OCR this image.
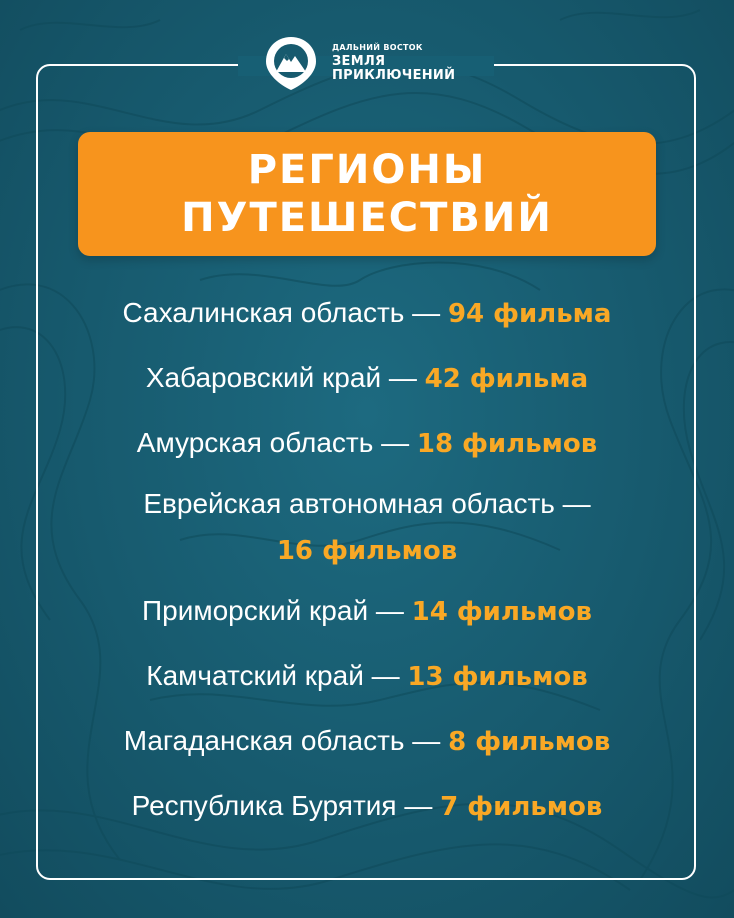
ДАЛЬНИЙ ВОСТОК
ЗЕМЛЯ
ПРИКЛЮЧЕНИЙ
РЕГИОНЫ
ПУТЕШЕСТВИЙ
Сахалинская область — 94 фильма
Хабаровский край — 42 фильма
Амурская область — 18 фильмов
Еврейская автономная область —
16 фильмов
Приморский край — 14 фильмов
Камчатский край — 13 фильмов
Магаданская область — 8 фильмов
Республика Бурятия — 7 фильмов
